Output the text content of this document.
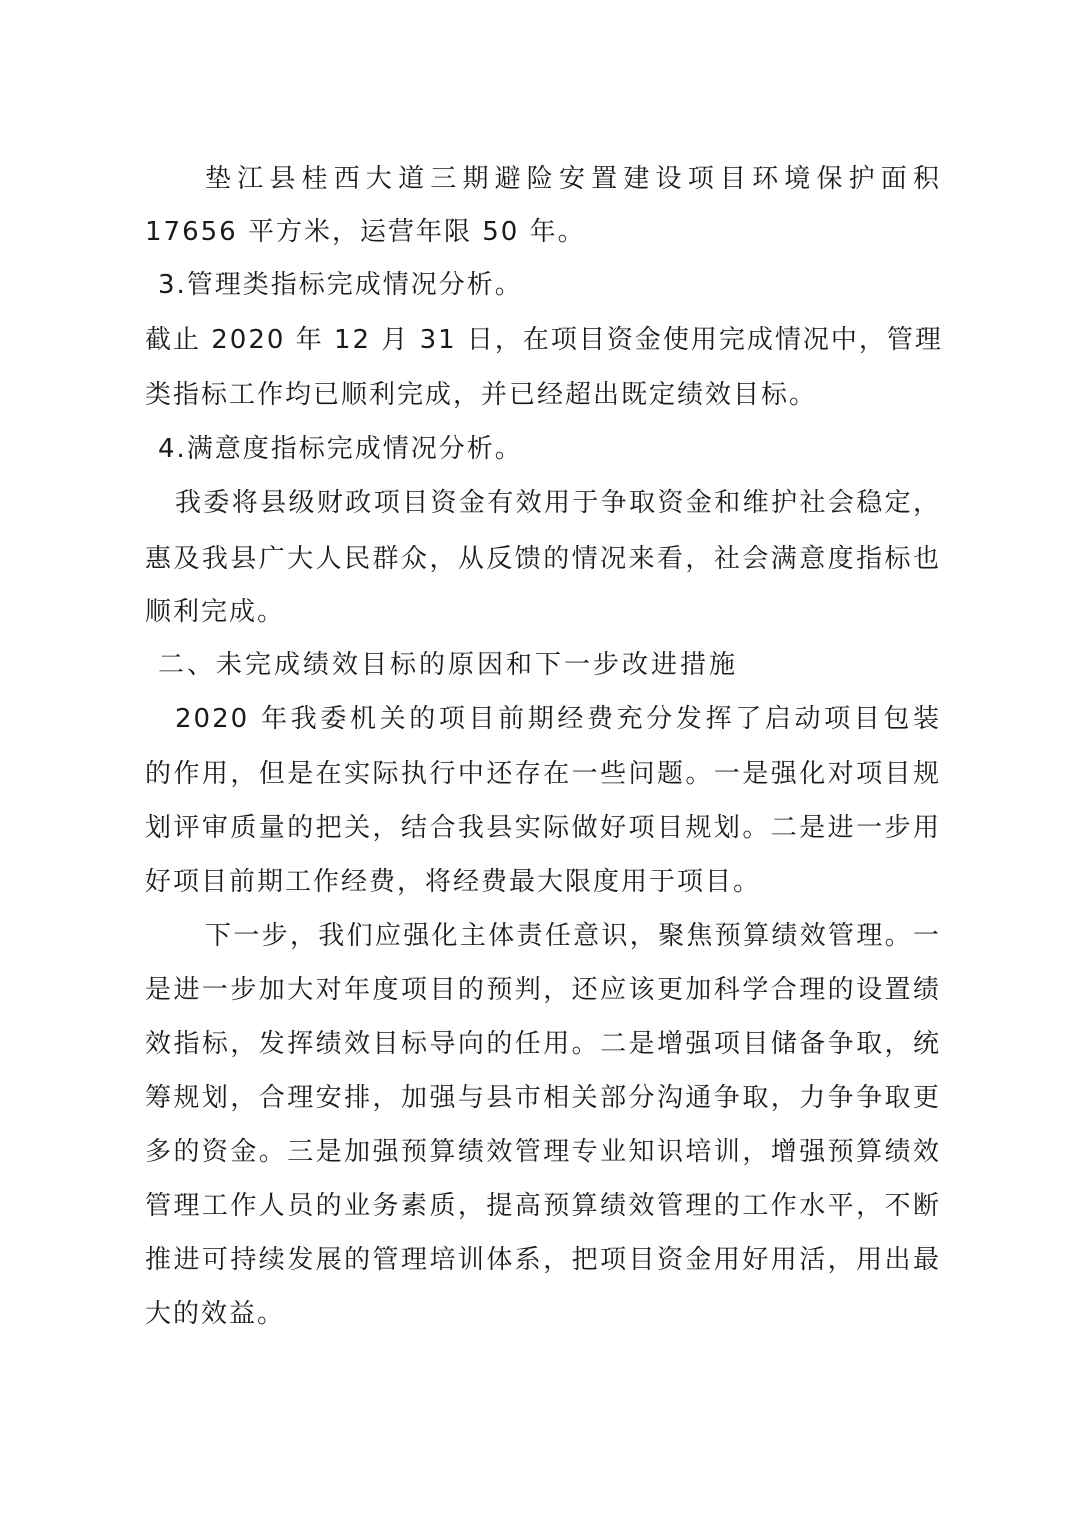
垫江县桂西大道三期避险安置建设项目环境保护面积
17656 平方米，运营年限 50 年。
3.管理类指标完成情况分析。
截止 2020 年 12 月 31 日，在项目资金使用完成情况中，管理
类指标工作均已顺利完成，并已经超出既定绩效目标。
4.满意度指标完成情况分析。
我委将县级财政项目资金有效用于争取资金和维护社会稳定，
惠及我县广大人民群众，从反馈的情况来看，社会满意度指标也
顺利完成。
二、未完成绩效目标的原因和下一步改进措施
2020 年我委机关的项目前期经费充分发挥了启动项目包装
的作用，但是在实际执行中还存在一些问题。一是强化对项目规
划评审质量的把关，结合我县实际做好项目规划。二是进一步用
好项目前期工作经费，将经费最大限度用于项目。
下一步，我们应强化主体责任意识，聚焦预算绩效管理。一
是进一步加大对年度项目的预判，还应该更加科学合理的设置绩
效指标，发挥绩效目标导向的任用。二是增强项目储备争取，统
筹规划，合理安排，加强与县市相关部分沟通争取，力争争取更
多的资金。三是加强预算绩效管理专业知识培训，增强预算绩效
管理工作人员的业务素质，提高预算绩效管理的工作水平，不断
推进可持续发展的管理培训体系，把项目资金用好用活，用出最
大的效益。
